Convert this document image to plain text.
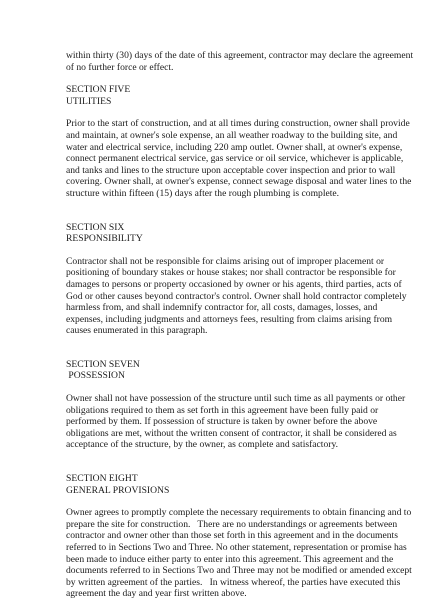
within thirty (30) days of the date of this agreement, contractor may declare the agreement of no further force or effect.

SECTION FIVE
UTILITIES

Prior to the start of construction, and at all times during construction, owner shall provide and maintain, at owner's sole expense, an all weather roadway to the building site, and water and electrical service, including 220 amp outlet. Owner shall, at owner's expense, connect permanent electrical service, gas service or oil service, whichever is applicable, and tanks and lines to the structure upon acceptable cover inspection and prior to wall covering. Owner shall, at owner's expense, connect sewage disposal and water lines to the structure within fifteen (15) days after the rough plumbing is complete.

SECTION SIX
RESPONSIBILITY

Contractor shall not be responsible for claims arising out of improper placement or positioning of boundary stakes or house stakes; nor shall contractor be responsible for damages to persons or property occasioned by owner or his agents, third parties, acts of God or other causes beyond contractor's control. Owner shall hold contractor completely harmless from, and shall indemnify contractor for, all costs, damages, losses, and expenses, including judgments and attorneys fees, resulting from claims arising from causes enumerated in this paragraph.

SECTION SEVEN
POSSESSION

Owner shall not have possession of the structure until such time as all payments or other obligations required to them as set forth in this agreement have been fully paid or performed by them. If possession of structure is taken by owner before the above obligations are met, without the written consent of contractor, it shall be considered as acceptance of the structure, by the owner, as complete and satisfactory.

SECTION EIGHT
GENERAL PROVISIONS

Owner agrees to promptly complete the necessary requirements to obtain financing and to prepare the site for construction.   There are no understandings or agreements between contractor and owner other than those set forth in this agreement and in the documents referred to in Sections Two and Three. No other statement, representation or promise has been made to induce either party to enter into this agreement. This agreement and the documents referred to in Sections Two and Three may not be modified or amended except by written agreement of the parties.   In witness whereof, the parties have executed this agreement the day and year first written above.
